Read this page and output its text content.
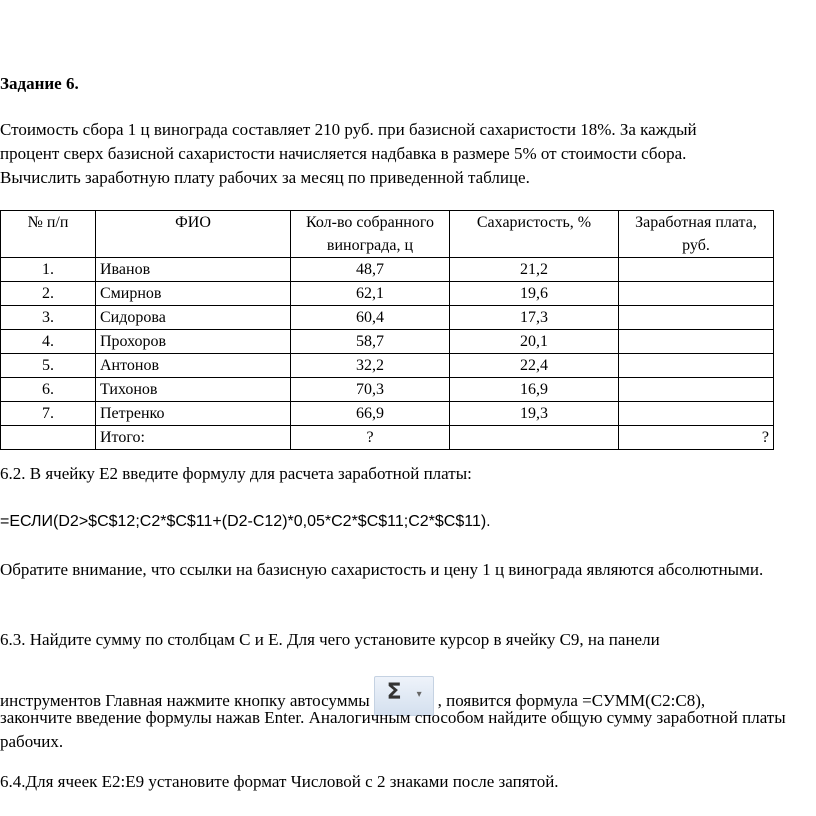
Задание 6.

Стоимость сбора 1 ц винограда составляет 210 руб. при базисной сахаристости 18%. За каждый
процент сверх базисной сахаристости начисляется надбавка в размере 5% от стоимости сбора.
Вычислить заработную плату рабочих за месяц по приведенной таблице.

№ п/п	ФИО	Кол-во собранного винограда, ц	Сахаристость, %	Заработная плата, руб.
1.	Иванов	48,7	21,2	
2.	Смирнов	62,1	19,6	
3.	Сидорова	60,4	17,3	
4.	Прохоров	58,7	20,1	
5.	Антонов	32,2	22,4	
6.	Тихонов	70,3	16,9	
7.	Петренко	66,9	19,3	
	Итого:	?		?

6.2. В ячейку Е2 введите формулу для расчета заработной платы:

=ЕСЛИ(D2>$C$12;C2*$C$11+(D2-C12)*0,05*C2*$C$11;C2*$C$11).

Обратите внимание, что ссылки на базисную сахаристость и цену 1 ц винограда являются абсолютными.

6.3. Найдите сумму по столбцам С и Е. Для чего установите курсор в ячейку С9, на панели

инструментов Главная нажмите кнопку автосуммы Σ ▾ , появится формула =СУММ(С2:С8),

закончите введение формулы нажав Enter. Аналогичным способом найдите общую сумму заработной платы рабочих.

6.4.Для ячеек Е2:Е9 установите формат Числовой с 2 знаками после запятой.
